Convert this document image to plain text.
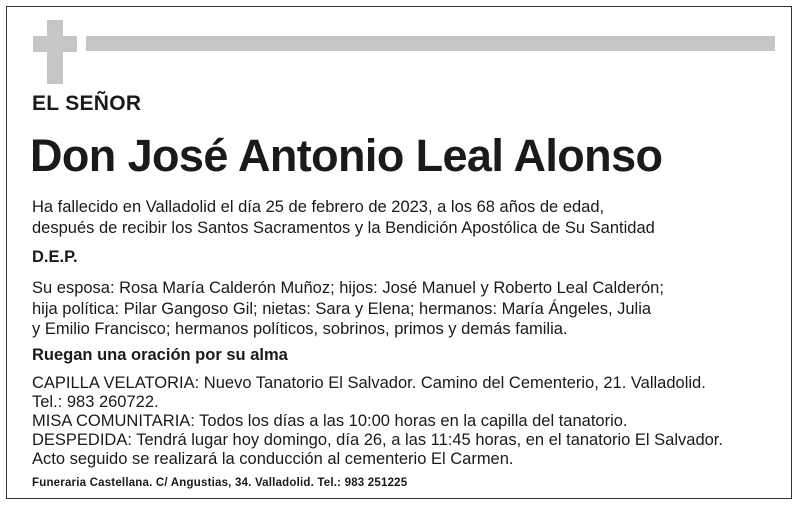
EL SEÑOR
Don José Antonio Leal Alonso
Ha fallecido en Valladolid el día 25 de febrero de 2023, a los 68 años de edad,
después de recibir los Santos Sacramentos y la Bendición Apostólica de Su Santidad
D.E.P.
Su esposa: Rosa María Calderón Muñoz; hijos: José Manuel y Roberto Leal Calderón;
hija política: Pilar Gangoso Gil; nietas: Sara y Elena; hermanos: María Ángeles, Julia
y Emilio Francisco; hermanos políticos, sobrinos, primos y demás familia.
Ruegan una oración por su alma
CAPILLA VELATORIA: Nuevo Tanatorio El Salvador. Camino del Cementerio, 21. Valladolid.
Tel.: 983 260722.
MISA COMUNITARIA: Todos los días a las 10:00 horas en la capilla del tanatorio.
DESPEDIDA: Tendrá lugar hoy domingo, día 26, a las 11:45 horas, en el tanatorio El Salvador.
Acto seguido se realizará la conducción al cementerio El Carmen.
Funeraria Castellana. C/ Angustias, 34. Valladolid. Tel.: 983 251225
